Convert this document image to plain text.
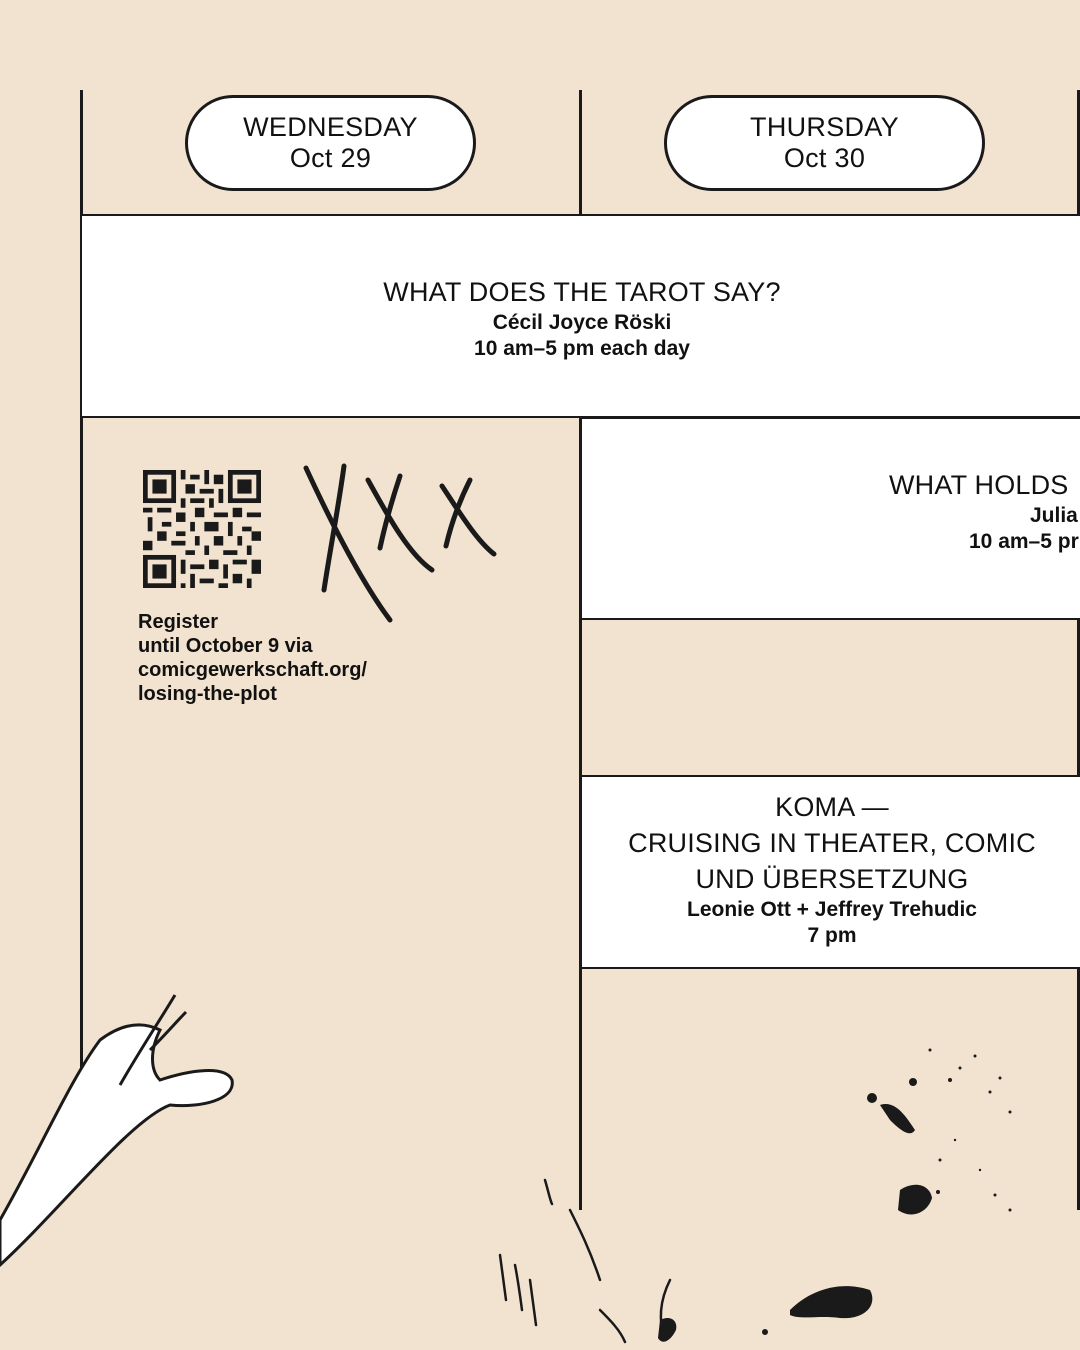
WEDNESDAY
Oct 29
THURSDAY
Oct 30
WHAT DOES THE TAROT SAY?
Cécil Joyce Röski
10 am–5 pm each day
WHAT HOLDS
Julia
10 am–5 pr
KOMA —
CRUISING IN THEATER, COMIC
UND ÜBERSETZUNG
Leonie Ott + Jeffrey Trehudic
7 pm
Register
until October 9 via
comicgewerkschaft.org/
losing-the-plot
